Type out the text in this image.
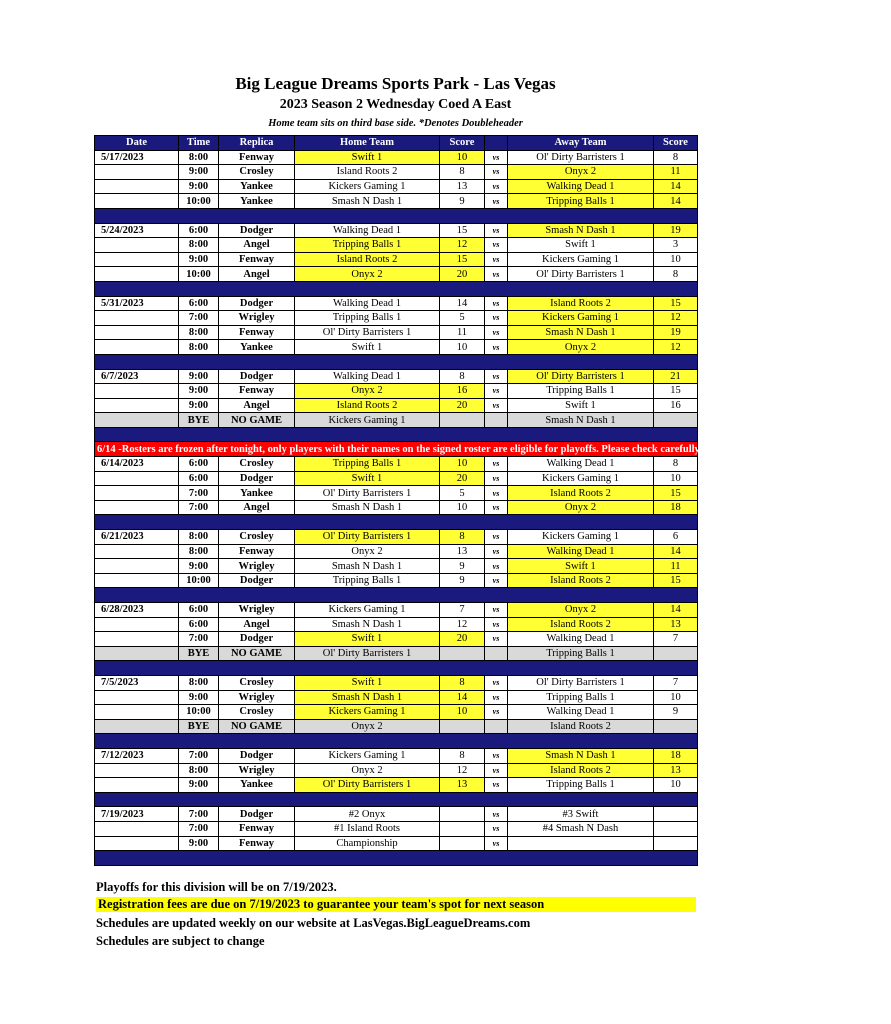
Big League Dreams Sports Park - Las Vegas
2023 Season 2 Wednesday Coed A East
Home team sits on third base side. *Denotes Doubleheader
Date	Time	Replica	Home Team	Score		Away Team	Score
5/17/2023	8:00	Fenway	Swift 1	10	vs	Ol' Dirty Barristers 1	8
	9:00	Crosley	Island Roots 2	8	vs	Onyx 2	11
	9:00	Yankee	Kickers Gaming 1	13	vs	Walking Dead 1	14
	10:00	Yankee	Smash N Dash 1	9	vs	Tripping Balls 1	14

5/24/2023	6:00	Dodger	Walking Dead 1	15	vs	Smash N Dash 1	19
	8:00	Angel	Tripping Balls 1	12	vs	Swift 1	3
	9:00	Fenway	Island Roots 2	15	vs	Kickers Gaming 1	10
	10:00	Angel	Onyx 2	20	vs	Ol' Dirty Barristers 1	8

5/31/2023	6:00	Dodger	Walking Dead 1	14	vs	Island Roots 2	15
	7:00	Wrigley	Tripping Balls 1	5	vs	Kickers Gaming 1	12
	8:00	Fenway	Ol' Dirty Barristers 1	11	vs	Smash N Dash 1	19
	8:00	Yankee	Swift 1	10	vs	Onyx 2	12

6/7/2023	9:00	Dodger	Walking Dead 1	8	vs	Ol' Dirty Barristers 1	21
	9:00	Fenway	Onyx 2	16	vs	Tripping Balls 1	15
	9:00	Angel	Island Roots 2	20	vs	Swift 1	16
	BYE	NO GAME	Kickers Gaming 1			Smash N Dash 1	

6/14 -Rosters are frozen after tonight, only players with their names on the signed roster are eligible for playoffs. Please check carefully as changes will not be made for omissions.							
6/14/2023	6:00	Crosley	Tripping Balls 1	10	vs	Walking Dead 1	8
	6:00	Dodger	Swift 1	20	vs	Kickers Gaming 1	10
	7:00	Yankee	Ol' Dirty Barristers 1	5	vs	Island Roots 2	15
	7:00	Angel	Smash N Dash 1	10	vs	Onyx 2	18

6/21/2023	8:00	Crosley	Ol' Dirty Barristers 1	8	vs	Kickers Gaming 1	6
	8:00	Fenway	Onyx 2	13	vs	Walking Dead 1	14
	9:00	Wrigley	Smash N Dash 1	9	vs	Swift 1	11
	10:00	Dodger	Tripping Balls 1	9	vs	Island Roots 2	15

6/28/2023	6:00	Wrigley	Kickers Gaming 1	7	vs	Onyx 2	14
	6:00	Angel	Smash N Dash 1	12	vs	Island Roots 2	13
	7:00	Dodger	Swift 1	20	vs	Walking Dead 1	7
	BYE	NO GAME	Ol' Dirty Barristers 1			Tripping Balls 1	

7/5/2023	8:00	Crosley	Swift 1	8	vs	Ol' Dirty Barristers 1	7
	9:00	Wrigley	Smash N Dash 1	14	vs	Tripping Balls 1	10
	10:00	Crosley	Kickers Gaming 1	10	vs	Walking Dead 1	9
	BYE	NO GAME	Onyx 2			Island Roots 2	

7/12/2023	7:00	Dodger	Kickers Gaming 1	8	vs	Smash N Dash 1	18
	8:00	Wrigley	Onyx 2	12	vs	Island Roots 2	13
	9:00	Yankee	Ol' Dirty Barristers 1	13	vs	Tripping Balls 1	10

7/19/2023	7:00	Dodger	#2 Onyx		vs	#3 Swift	
	7:00	Fenway	#1 Island Roots		vs	#4 Smash N Dash	
	9:00	Fenway	Championship		vs		

Playoffs for this division will be on 7/19/2023.
Registration fees are due on 7/19/2023 to guarantee your team's spot for next season
Schedules are updated weekly on our website at LasVegas.BigLeagueDreams.com
Schedules are subject to change
